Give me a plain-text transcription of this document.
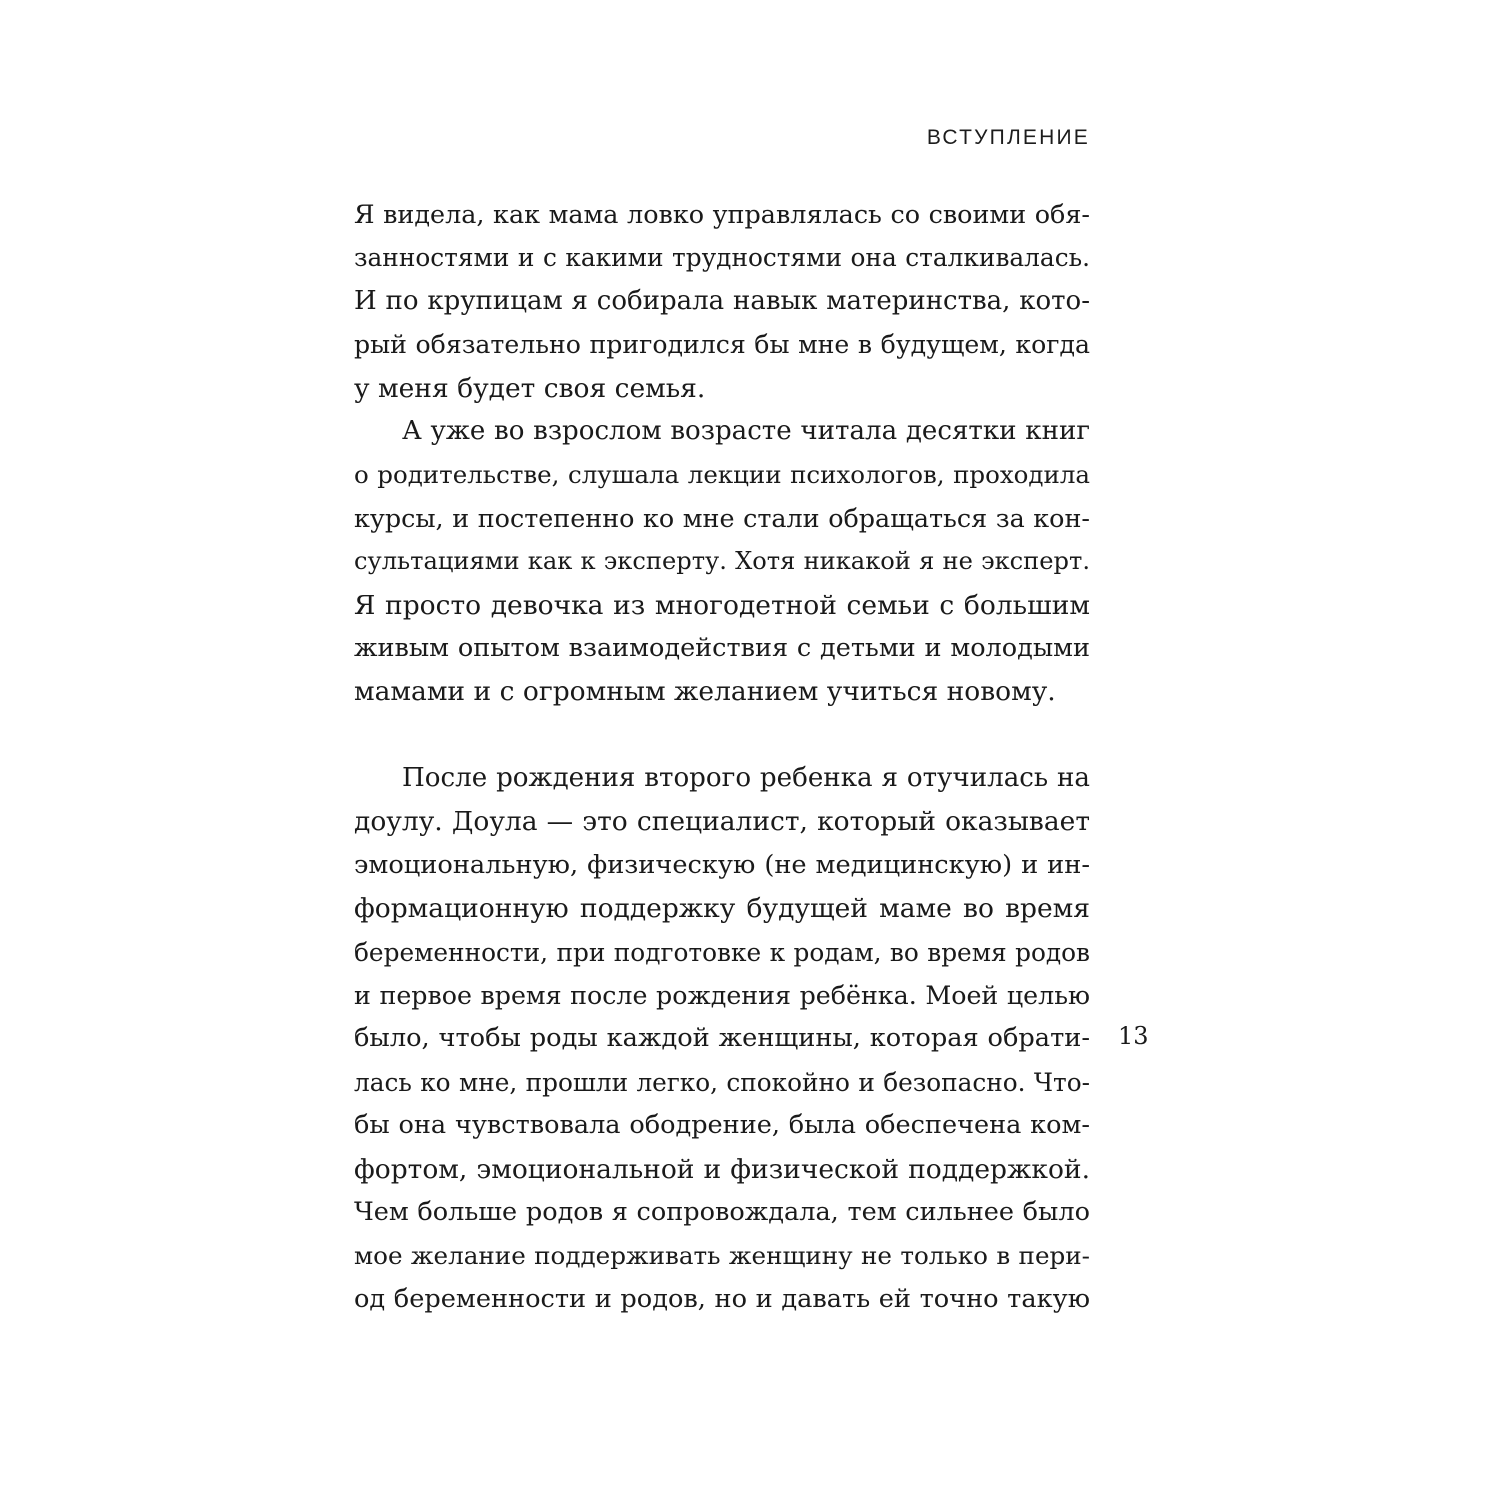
ВСТУПЛЕНИЕ
Я видела, как мама ловко управлялась со своими обя-
занностями и с какими трудностями она сталкивалась.
И по крупицам я собирала навык материнства, кото-
рый обязательно пригодился бы мне в будущем, когда
у меня будет своя семья.
А уже во взрослом возрасте читала десятки книг
о родительстве, слушала лекции психологов, проходила
курсы, и постепенно ко мне стали обращаться за кон-
сультациями как к эксперту. Хотя никакой я не эксперт.
Я просто девочка из многодетной семьи с большим
живым опытом взаимодействия с детьми и молодыми
мамами и с огромным желанием учиться новому.
После рождения второго ребенка я отучилась на
доулу. Доула — это специалист, который оказывает
эмоциональную, физическую (не медицинскую) и ин-
формационную поддержку будущей маме во время
беременности, при подготовке к родам, во время родов
и первое время после рождения ребёнка. Моей целью
было, чтобы роды каждой женщины, которая обрати-
лась ко мне, прошли легко, спокойно и безопасно. Что-
бы она чувствовала ободрение, была обеспечена ком-
фортом, эмоциональной и физической поддержкой.
Чем больше родов я сопровождала, тем сильнее было
мое желание поддерживать женщину не только в пери-
од беременности и родов, но и давать ей точно такую
13
